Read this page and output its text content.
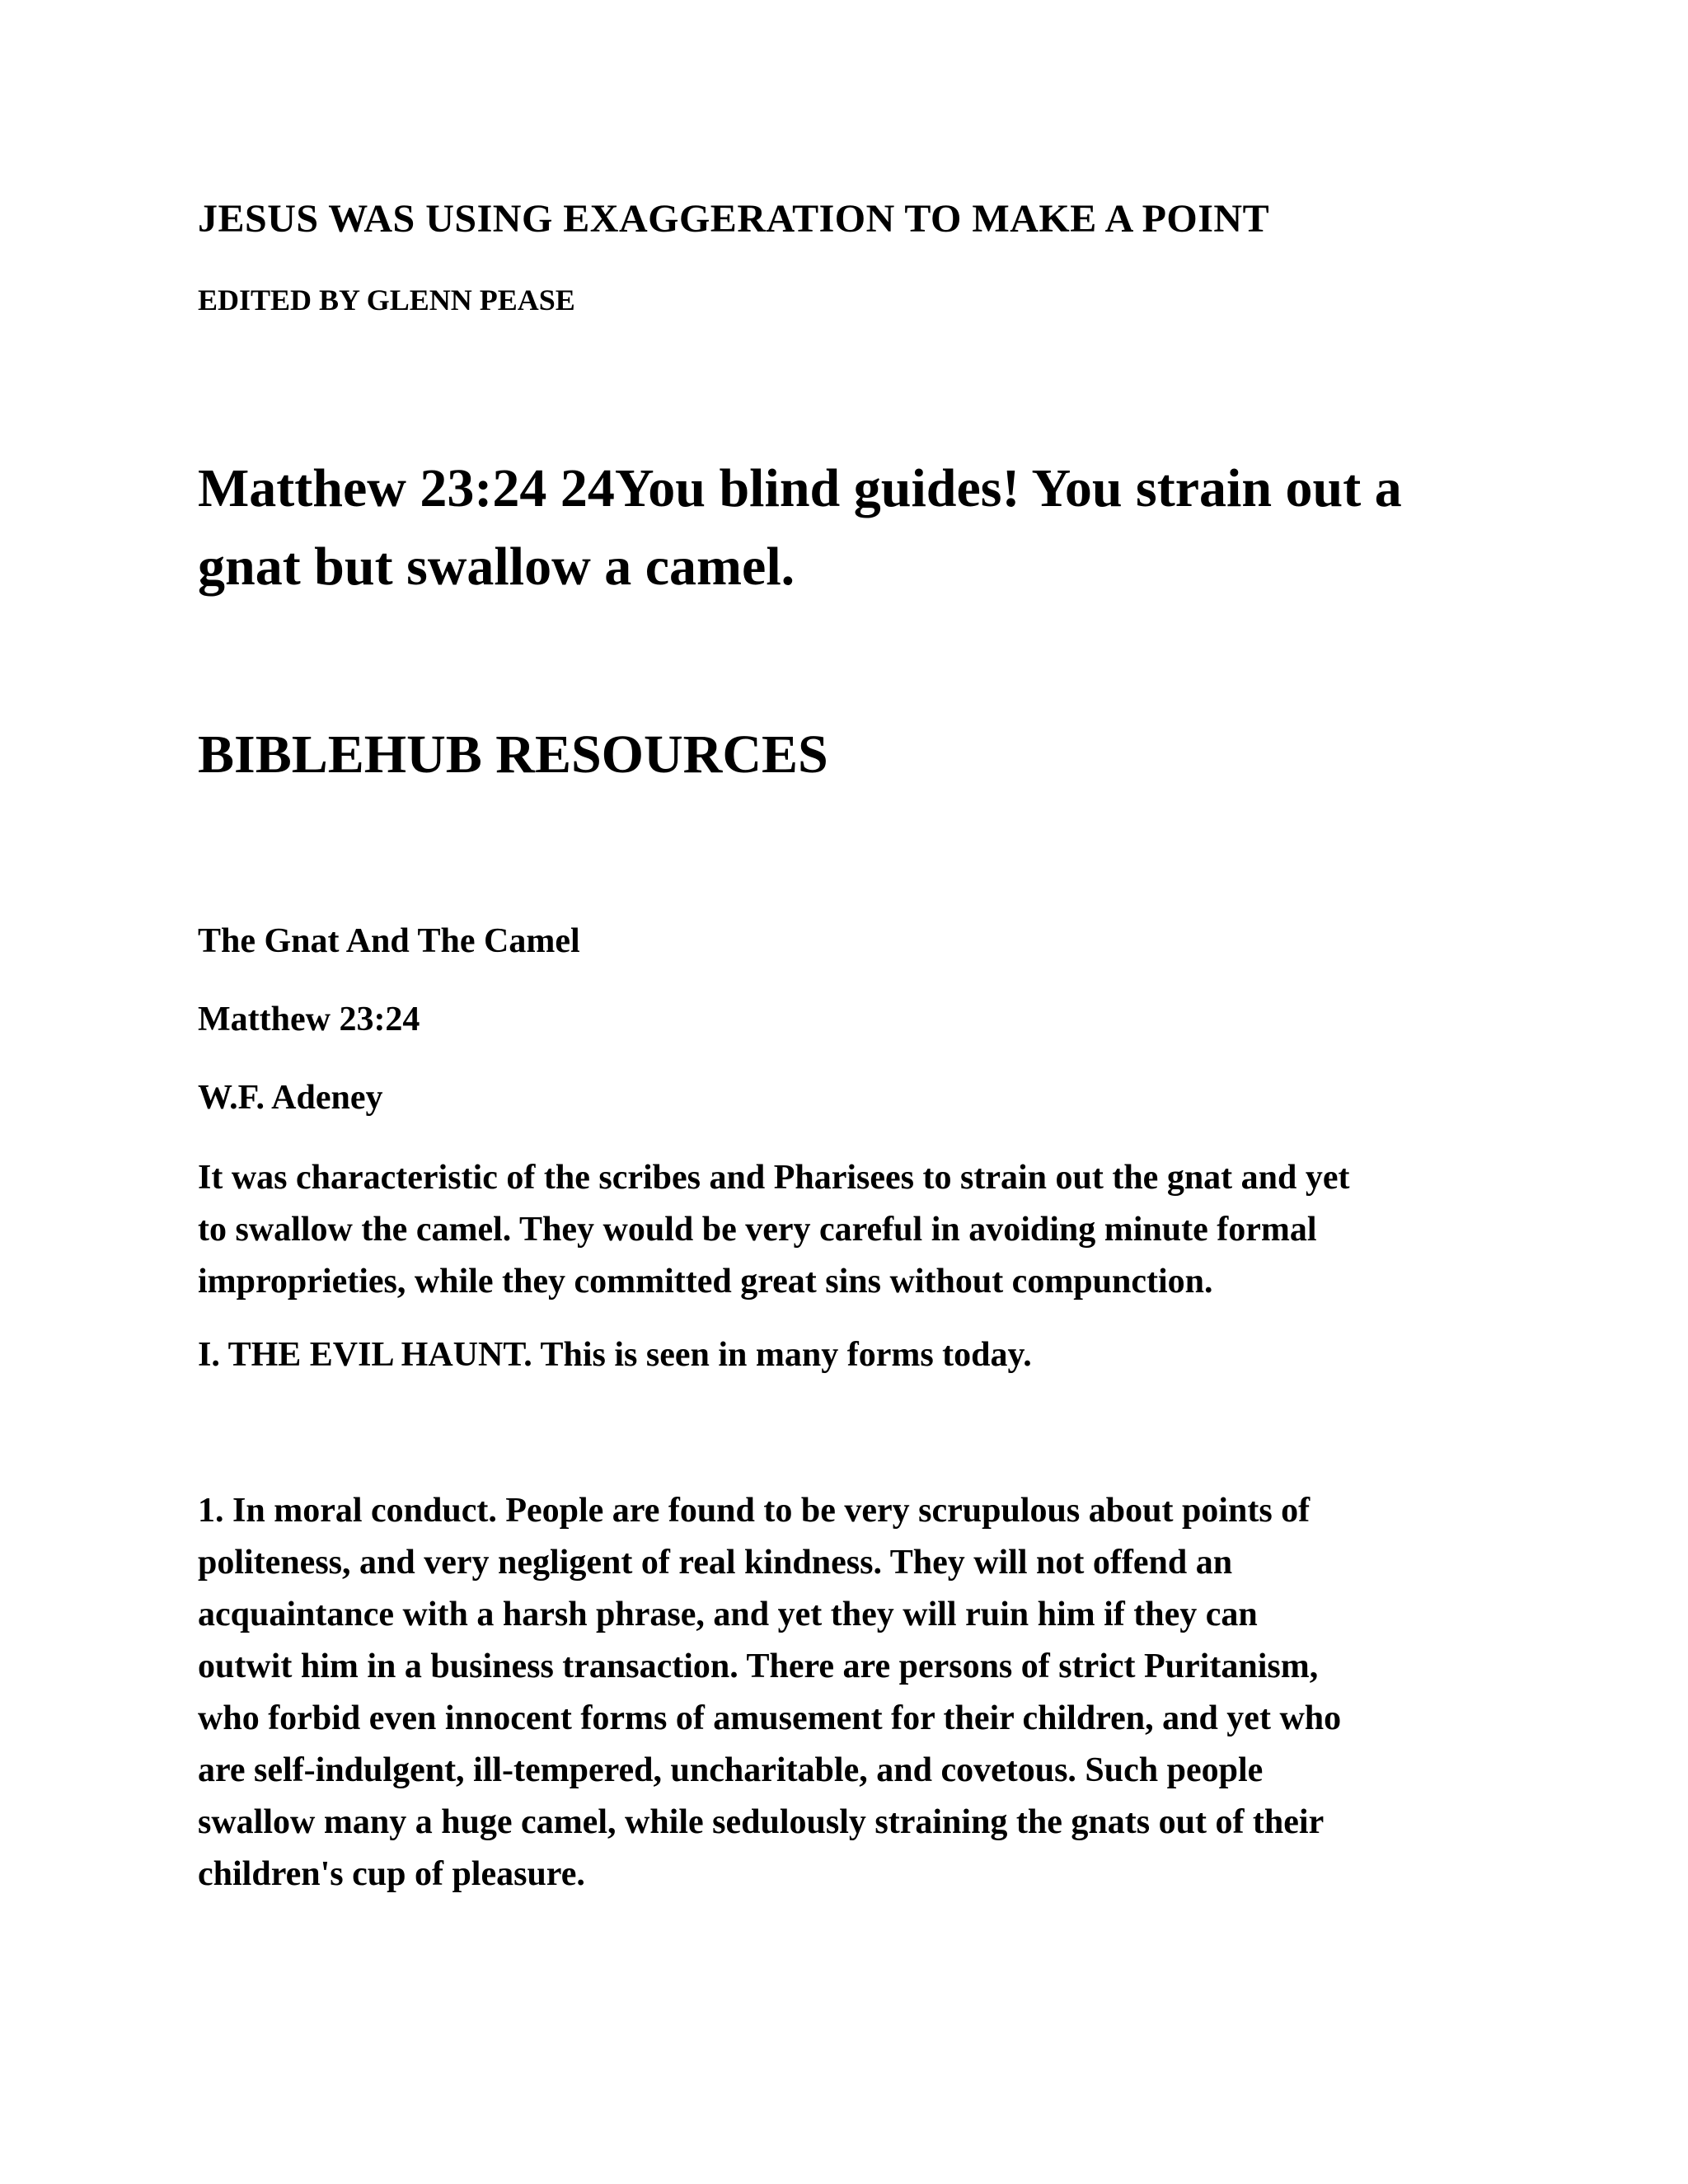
JESUS WAS USING EXAGGERATION TO MAKE A POINT
EDITED BY GLENN PEASE
Matthew 23:24 24You blind guides! You strain out a
gnat but swallow a camel.
BIBLEHUB RESOURCES
The Gnat And The Camel
Matthew 23:24
W.F. Adeney
It was characteristic of the scribes and Pharisees to strain out the gnat and yet
to swallow the camel. They would be very careful in avoiding minute formal
improprieties, while they committed great sins without compunction.
I. THE EVIL HAUNT. This is seen in many forms today.
1. In moral conduct. People are found to be very scrupulous about points of
politeness, and very negligent of real kindness. They will not offend an
acquaintance with a harsh phrase, and yet they will ruin him if they can
outwit him in a business transaction. There are persons of strict Puritanism,
who forbid even innocent forms of amusement for their children, and yet who
are self-indulgent, ill-tempered, uncharitable, and covetous. Such people
swallow many a huge camel, while sedulously straining the gnats out of their
children's cup of pleasure.
